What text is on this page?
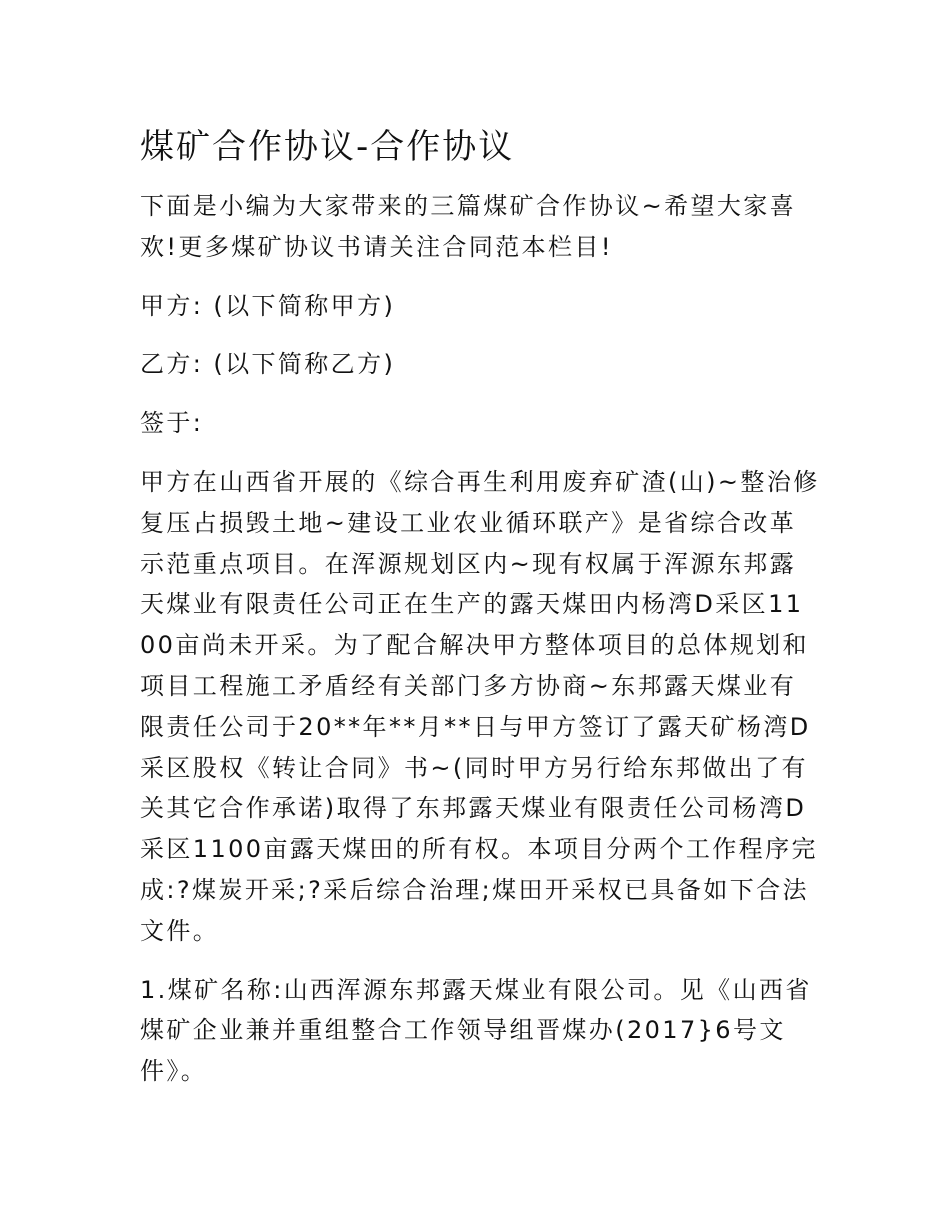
煤矿合作协议-合作协议

下面是小编为大家带来的三篇煤矿合作协议~希望大家喜欢!更多煤矿协议书请关注合同范本栏目!

甲方: (以下简称甲方)

乙方: (以下简称乙方)

签于:

甲方在山西省开展的《综合再生利用废弃矿渣(山)~整治修复压占损毁土地~建设工业农业循环联产》是省综合改革示范重点项目。在浑源规划区内~现有权属于浑源东邦露天煤业有限责任公司正在生产的露天煤田内杨湾D采区1100亩尚未开采。为了配合解决甲方整体项目的总体规划和项目工程施工矛盾经有关部门多方协商~东邦露天煤业有限责任公司于20**年**月**日与甲方签订了露天矿杨湾D采区股权《转让合同》书~(同时甲方另行给东邦做出了有关其它合作承诺)取得了东邦露天煤业有限责任公司杨湾D采区1100亩露天煤田的所有权。本项目分两个工作程序完成:?煤炭开采;?采后综合治理;煤田开采权已具备如下合法文件。

1.煤矿名称:山西浑源东邦露天煤业有限公司。见《山西省煤矿企业兼并重组整合工作领导组晋煤办(2017}6号文件》。
